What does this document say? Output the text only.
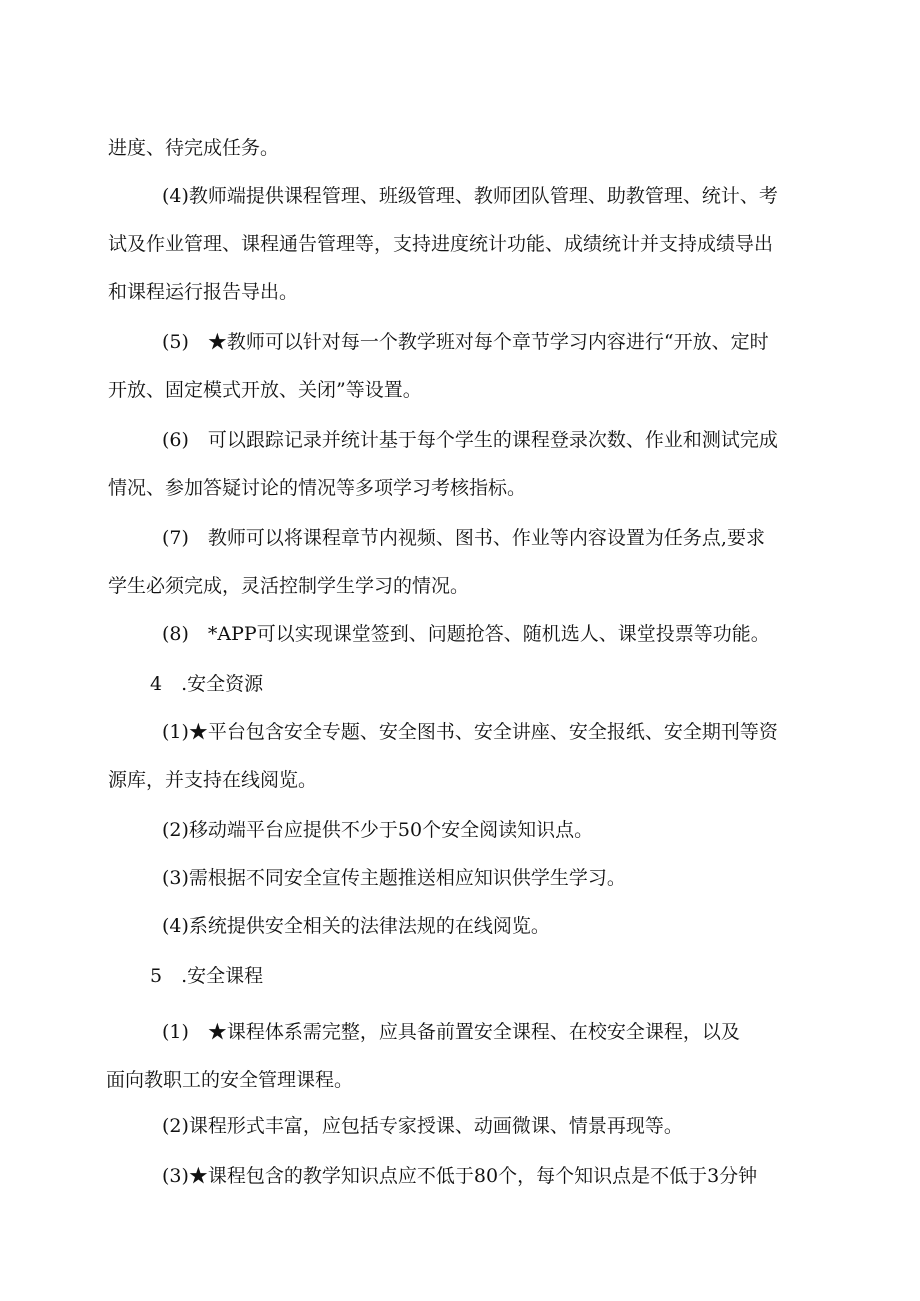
进度、待完成任务。
(4)教师端提供课程管理、班级管理、教师团队管理、助教管理、统计、考
试及作业管理、课程通告管理等，支持进度统计功能、成绩统计并支持成绩导出
和课程运行报告导出。
(5)　★教师可以针对每一个教学班对每个章节学习内容进行“开放、定时
开放、固定模式开放、关闭”等设置。
(6)　可以跟踪记录并统计基于每个学生的课程登录次数、作业和测试完成
情况、参加答疑讨论的情况等多项学习考核指标。
(7)　教师可以将课程章节内视频、图书、作业等内容设置为任务点,要求
学生必须完成，灵活控制学生学习的情况。
(8)　*APP可以实现课堂签到、问题抢答、随机选人、课堂投票等功能。
4　.安全资源
(1)★平台包含安全专题、安全图书、安全讲座、安全报纸、安全期刊等资
源库，并支持在线阅览。
(2)移动端平台应提供不少于50个安全阅读知识点。
(3)需根据不同安全宣传主题推送相应知识供学生学习。
(4)系统提供安全相关的法律法规的在线阅览。
5　.安全课程
(1)　★课程体系需完整，应具备前置安全课程、在校安全课程，以及
面向教职工的安全管理课程。
(2)课程形式丰富，应包括专家授课、动画微课、情景再现等。
(3)★课程包含的教学知识点应不低于80个，每个知识点是不低于3分钟
